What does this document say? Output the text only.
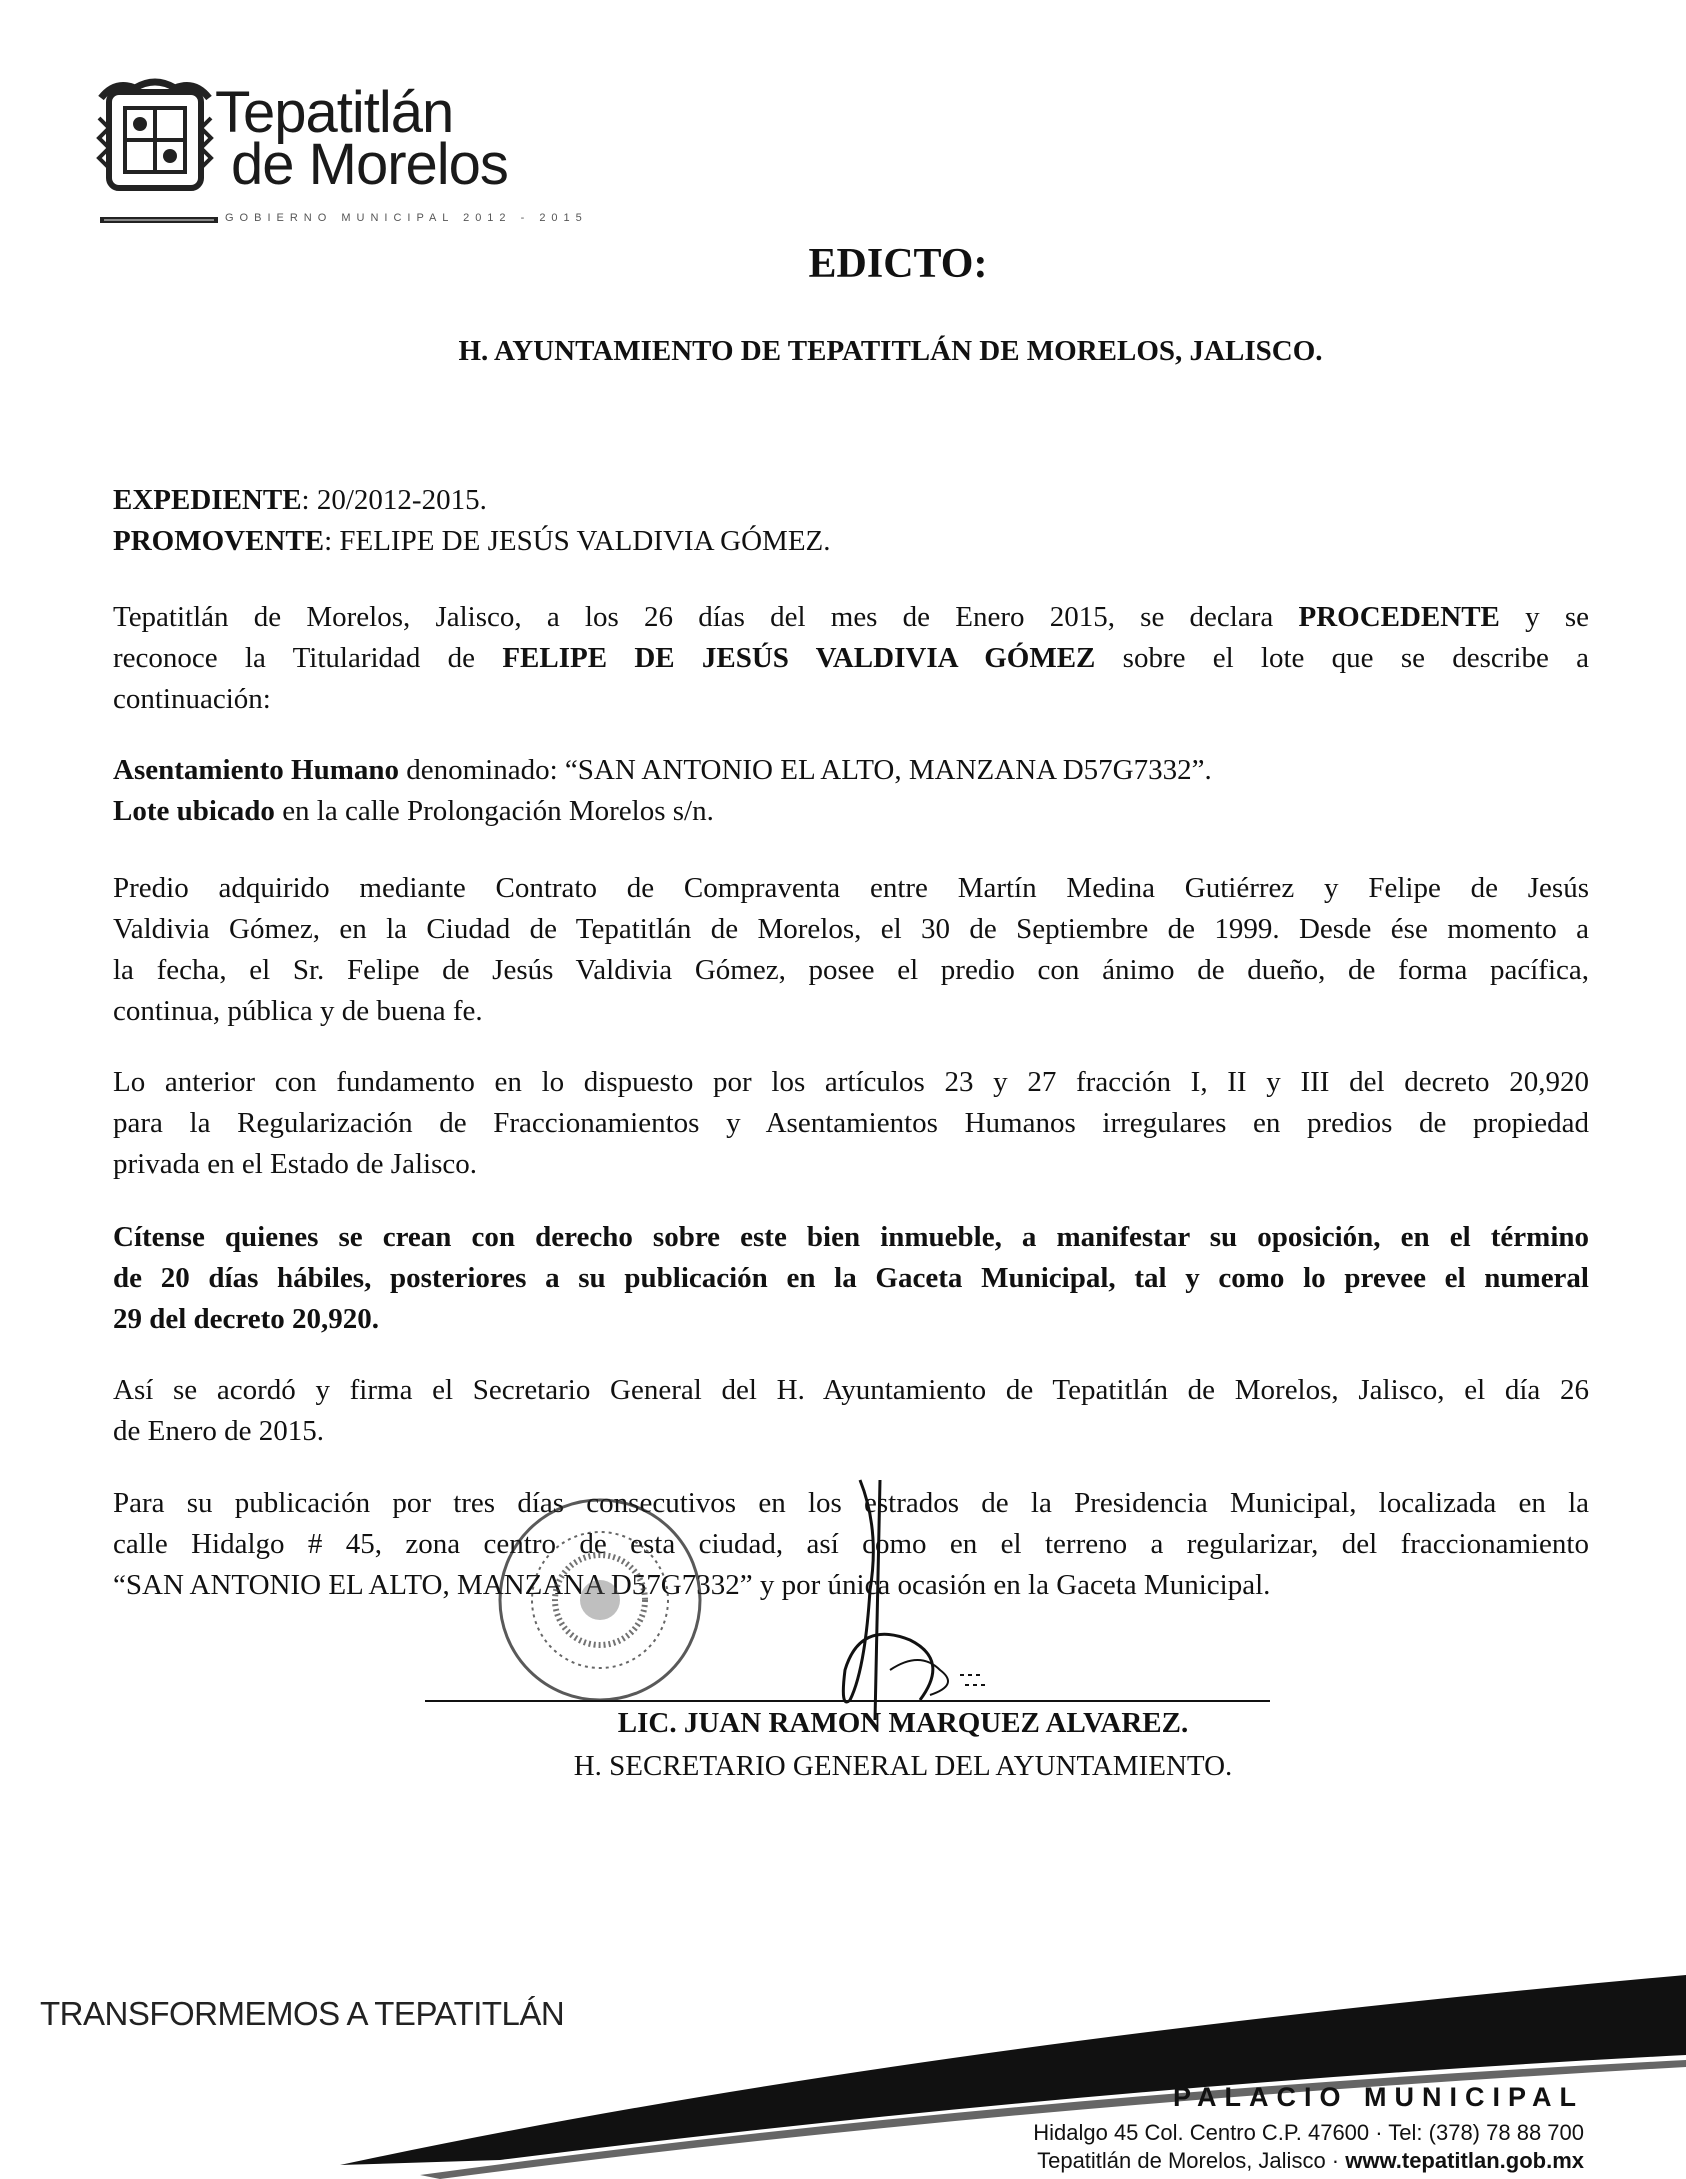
Tepatitlán
de Morelos
GOBIERNO MUNICIPAL 2012 - 2015
EDICTO:
H. AYUNTAMIENTO DE TEPATITLÁN DE MORELOS, JALISCO.
EXPEDIENTE: 20/2012-2015.
PROMOVENTE: FELIPE DE JESÚS VALDIVIA GÓMEZ.
Tepatitlán de Morelos, Jalisco, a los 26 días del mes de Enero 2015, se declara PROCEDENTE y se
reconoce la Titularidad de FELIPE DE JESÚS VALDIVIA GÓMEZ sobre el lote que se describe a
continuación:
Asentamiento Humano denominado: “SAN ANTONIO EL ALTO, MANZANA D57G7332”.
Lote ubicado en la calle Prolongación Morelos s/n.
Predio adquirido mediante Contrato de Compraventa entre Martín Medina Gutiérrez y Felipe de Jesús
Valdivia Gómez, en la Ciudad de Tepatitlán de Morelos, el 30 de Septiembre de 1999. Desde ése momento a
la fecha, el Sr. Felipe de Jesús Valdivia Gómez, posee el predio con ánimo de dueño, de forma pacífica,
continua, pública y de buena fe.
Lo anterior con fundamento en lo dispuesto por los artículos 23 y 27 fracción I, II y III del decreto 20,920
para la Regularización de Fraccionamientos y Asentamientos Humanos irregulares en predios de propiedad
privada en el Estado de Jalisco.
Cítense quienes se crean con derecho sobre este bien inmueble, a manifestar su oposición, en el término
de 20 días hábiles, posteriores a su publicación en la Gaceta Municipal, tal y como lo prevee el numeral
29 del decreto 20,920.
Así se acordó y firma el Secretario General del H. Ayuntamiento de Tepatitlán de Morelos, Jalisco, el día 26
de Enero de 2015.
Para su publicación por tres días consecutivos en los estrados de la Presidencia Municipal, localizada en la
calle Hidalgo # 45, zona centro de esta ciudad, así como en el terreno a regularizar, del fraccionamiento
“SAN ANTONIO EL ALTO, MANZANA D57G7332” y por única ocasión en la Gaceta Municipal.
LIC. JUAN RAMON MARQUEZ ALVAREZ.
H. SECRETARIO GENERAL DEL AYUNTAMIENTO.
TRANSFORMEMOS A TEPATITLÁN
PALACIO MUNICIPAL
Hidalgo 45 Col. Centro C.P. 47600 · Tel: (378) 78 88 700
Tepatitlán de Morelos, Jalisco · www.tepatitlan.gob.mx
